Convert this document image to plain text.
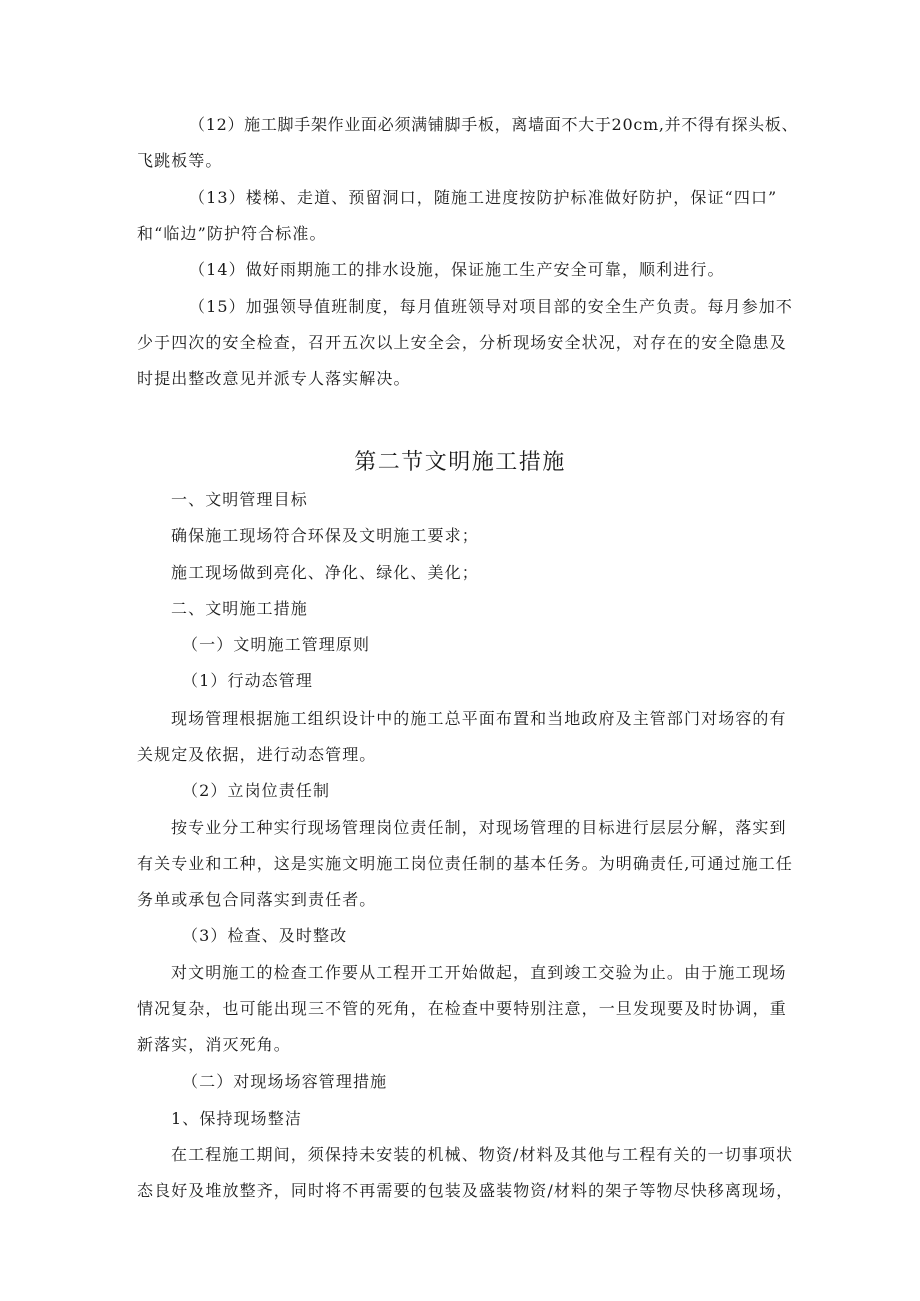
（12）施工脚手架作业面必须满铺脚手板，离墙面不大于20cm,并不得有探头板、
飞跳板等。
（13）楼梯、走道、预留洞口，随施工进度按防护标准做好防护，保证“四口”
和“临边”防护符合标准。
（14）做好雨期施工的排水设施，保证施工生产安全可靠，顺利进行。
（15）加强领导值班制度，每月值班领导对项目部的安全生产负责。每月参加不
少于四次的安全检查，召开五次以上安全会，分析现场安全状况，对存在的安全隐患及
时提出整改意见并派专人落实解决。
第二节文明施工措施
一、文明管理目标
确保施工现场符合环保及文明施工要求；
施工现场做到亮化、净化、绿化、美化；
二、文明施工措施
（一）文明施工管理原则
（1）行动态管理
现场管理根据施工组织设计中的施工总平面布置和当地政府及主管部门对场容的有
关规定及依据，进行动态管理。
（2）立岗位责任制
按专业分工种实行现场管理岗位责任制，对现场管理的目标进行层层分解，落实到
有关专业和工种，这是实施文明施工岗位责任制的基本任务。为明确责任,可通过施工任
务单或承包合同落实到责任者。
（3）检查、及时整改
对文明施工的检查工作要从工程开工开始做起，直到竣工交验为止。由于施工现场
情况复杂，也可能出现三不管的死角，在检查中要特别注意，一旦发现要及时协调，重
新落实，消灭死角。
（二）对现场场容管理措施
1、保持现场整洁
在工程施工期间，须保持未安装的机械、物资/材料及其他与工程有关的一切事项状
态良好及堆放整齐，同时将不再需要的包装及盛装物资/材料的架子等物尽快移离现场，
